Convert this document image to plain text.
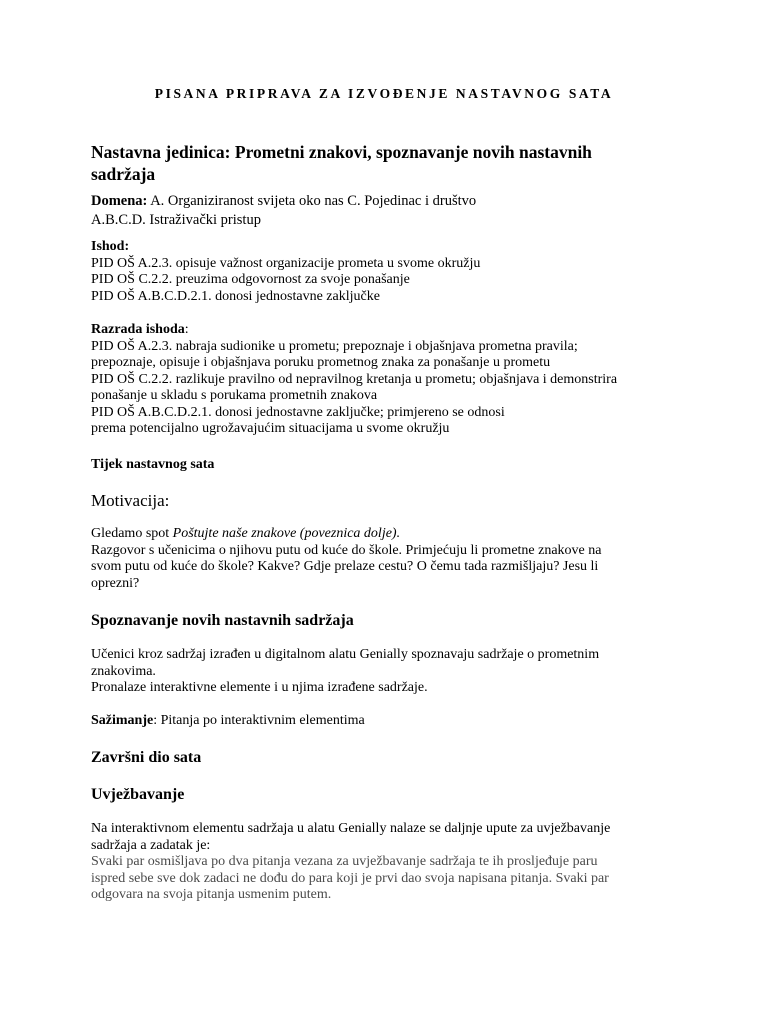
PISANA PRIPRAVA ZA IZVOĐENJE NASTAVNOG SATA
Nastavna jedinica: Prometni znakovi, spoznavanje novih nastavnih
sadržaja
Domena: A. Organiziranost svijeta oko nas C. Pojedinac i društvo
A.B.C.D. Istraživački pristup
Ishod:
PID OŠ A.2.3. opisuje važnost organizacije prometa u svome okružju
PID OŠ C.2.2. preuzima odgovornost za svoje ponašanje
PID OŠ A.B.C.D.2.1. donosi jednostavne zaključke
Razrada ishoda:
PID OŠ A.2.3. nabraja sudionike u prometu; prepoznaje i objašnjava prometna pravila;
prepoznaje, opisuje i objašnjava poruku prometnog znaka za ponašanje u prometu
PID OŠ C.2.2. razlikuje pravilno od nepravilnog kretanja u prometu; objašnjava i demonstrira
ponašanje u skladu s porukama prometnih znakova
PID OŠ A.B.C.D.2.1. donosi jednostavne zaključke; primjereno se odnosi
prema potencijalno ugrožavajućim situacijama u svome okružju
Tijek nastavnog sata
Motivacija:
Gledamo spot Poštujte naše znakove (poveznica dolje).
Razgovor s učenicima o njihovu putu od kuće do škole. Primjećuju li prometne znakove na
svom putu od kuće do škole? Kakve? Gdje prelaze cestu? O čemu tada razmišljaju? Jesu li
oprezni?
Spoznavanje novih nastavnih sadržaja
Učenici kroz sadržaj izrađen u digitalnom alatu Genially spoznavaju sadržaje o prometnim
znakovima.
Pronalaze interaktivne elemente i u njima izrađene sadržaje.
Sažimanje: Pitanja po interaktivnim elementima
Završni dio sata
Uvježbavanje
Na interaktivnom elementu sadržaja u alatu Genially nalaze se daljnje upute za uvježbavanje
sadržaja a zadatak je:
Svaki par osmišljava po dva pitanja vezana za uvježbavanje sadržaja te ih prosljeđuje paru
ispred sebe sve dok zadaci ne dođu do para koji je prvi dao svoja napisana pitanja. Svaki par
odgovara na svoja pitanja usmenim putem.
